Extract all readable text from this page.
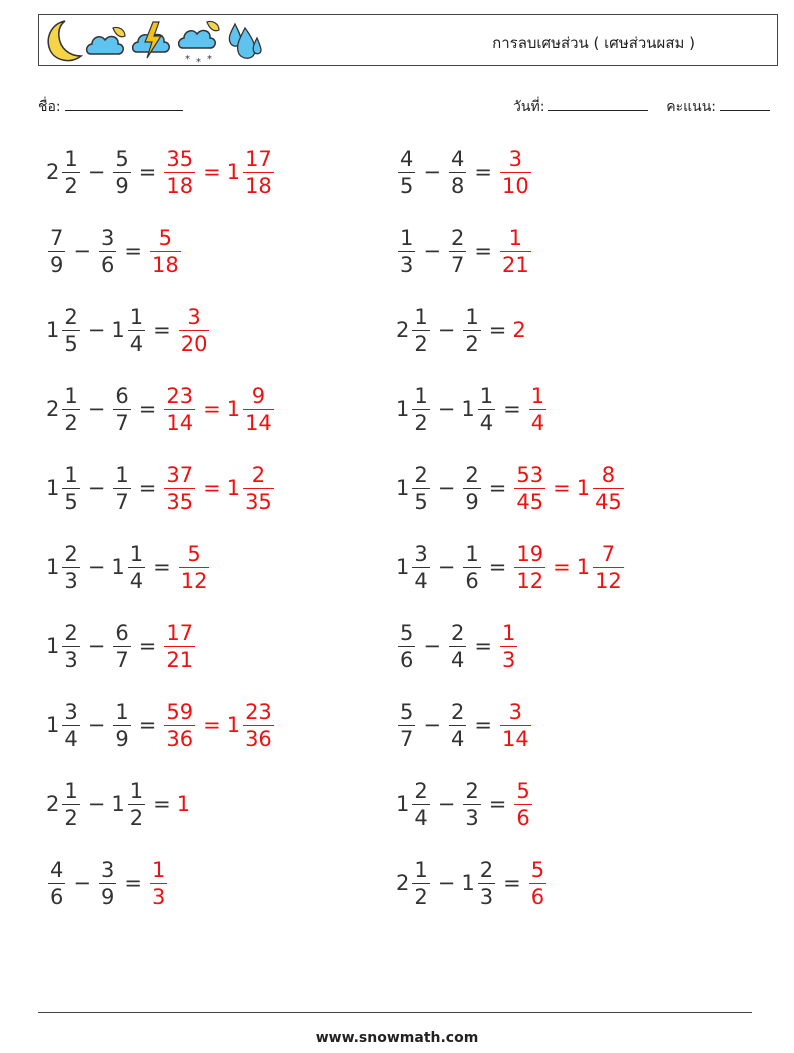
* * *
การลบเศษส่วน ( เศษส่วนผสม )
ชื่อ:	วันที่:	คะแนน:
$2 \frac{1}{2} - \frac{5}{9} = \frac{35}{18} = 1 \frac{17}{18}$	$\frac{4}{5} - \frac{4}{8} = \frac{3}{10}$
$\frac{7}{9} - \frac{3}{6} = \frac{5}{18}$	$\frac{1}{3} - \frac{2}{7} = \frac{1}{21}$
$1 \frac{2}{5} - 1 \frac{1}{4} = \frac{3}{20}$	$2 \frac{1}{2} - \frac{1}{2} = 2$
$2 \frac{1}{2} - \frac{6}{7} = \frac{23}{14} = 1 \frac{9}{14}$	$1 \frac{1}{2} - 1 \frac{1}{4} = \frac{1}{4}$
$1 \frac{1}{5} - \frac{1}{7} = \frac{37}{35} = 1 \frac{2}{35}$	$1 \frac{2}{5} - \frac{2}{9} = \frac{53}{45} = 1 \frac{8}{45}$
$1 \frac{2}{3} - 1 \frac{1}{4} = \frac{5}{12}$	$1 \frac{3}{4} - \frac{1}{6} = \frac{19}{12} = 1 \frac{7}{12}$
$1 \frac{2}{3} - \frac{6}{7} = \frac{17}{21}$	$\frac{5}{6} - \frac{2}{4} = \frac{1}{3}$
$1 \frac{3}{4} - \frac{1}{9} = \frac{59}{36} = 1 \frac{23}{36}$	$\frac{5}{7} - \frac{2}{4} = \frac{3}{14}$
$2 \frac{1}{2} - 1 \frac{1}{2} = 1$	$1 \frac{2}{4} - \frac{2}{3} = \frac{5}{6}$
$\frac{4}{6} - \frac{3}{9} = \frac{1}{3}$	$2 \frac{1}{2} - 1 \frac{2}{3} = \frac{5}{6}$
www.snowmath.com
